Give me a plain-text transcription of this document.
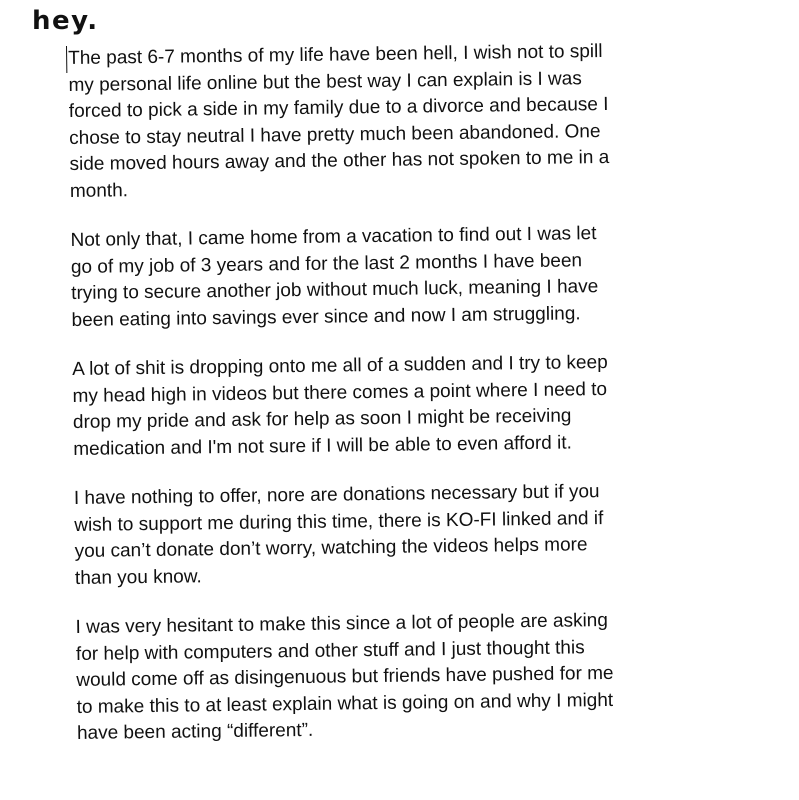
hey.

The past 6-7 months of my life have been hell, I wish not to spill
my personal life online but the best way I can explain is I was
forced to pick a side in my family due to a divorce and because I
chose to stay neutral I have pretty much been abandoned. One
side moved hours away and the other has not spoken to me in a
month.

Not only that, I came home from a vacation to find out I was let
go of my job of 3 years and for the last 2 months I have been
trying to secure another job without much luck, meaning I have
been eating into savings ever since and now I am struggling.

A lot of shit is dropping onto me all of a sudden and I try to keep
my head high in videos but there comes a point where I need to
drop my pride and ask for help as soon I might be receiving
medication and I'm not sure if I will be able to even afford it.

I have nothing to offer, nore are donations necessary but if you
wish to support me during this time, there is KO-FI linked and if
you can’t donate don’t worry, watching the videos helps more
than you know.

I was very hesitant to make this since a lot of people are asking
for help with computers and other stuff and I just thought this
would come off as disingenuous but friends have pushed for me
to make this to at least explain what is going on and why I might
have been acting “different”.
